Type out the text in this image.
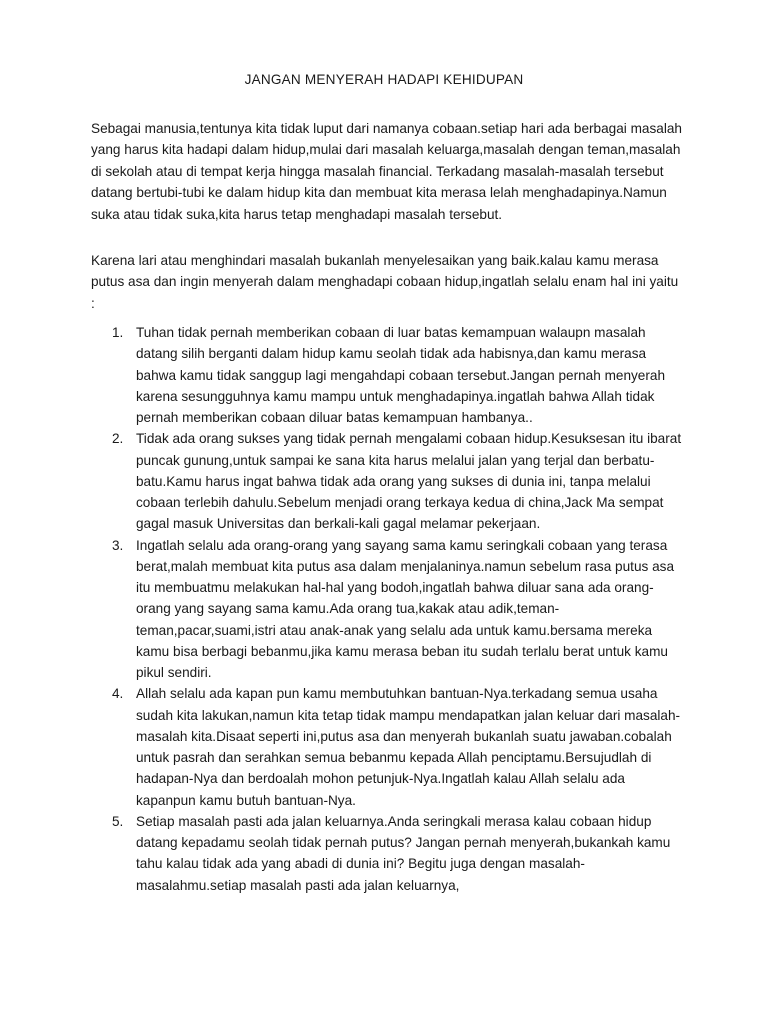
JANGAN MENYERAH HADAPI KEHIDUPAN

Sebagai manusia,tentunya kita tidak luput dari namanya cobaan.setiap hari ada berbagai masalah yang harus kita hadapi dalam hidup,mulai dari masalah keluarga,masalah dengan teman,masalah di sekolah atau di tempat kerja hingga masalah financial. Terkadang masalah-masalah tersebut datang bertubi-tubi ke dalam hidup kita dan membuat kita merasa lelah menghadapinya.Namun suka atau tidak suka,kita harus tetap menghadapi masalah tersebut.

Karena lari atau menghindari masalah bukanlah menyelesaikan yang baik.kalau kamu merasa putus asa dan ingin menyerah dalam menghadapi cobaan hidup,ingatlah selalu enam hal ini yaitu :

1. Tuhan tidak pernah memberikan cobaan di luar batas kemampuan walaupn masalah datang silih berganti dalam hidup kamu seolah tidak ada habisnya,dan kamu merasa bahwa kamu tidak sanggup lagi mengahdapi cobaan tersebut.Jangan pernah menyerah karena sesungguhnya kamu mampu untuk menghadapinya.ingatlah bahwa Allah tidak pernah memberikan cobaan diluar batas kemampuan hambanya..
2. Tidak ada orang sukses yang tidak pernah mengalami cobaan hidup.Kesuksesan itu ibarat puncak gunung,untuk sampai ke sana kita harus melalui jalan yang terjal dan berbatu-batu.Kamu harus ingat bahwa tidak ada orang yang sukses di dunia ini, tanpa melalui cobaan terlebih dahulu.Sebelum menjadi orang terkaya kedua di china,Jack Ma sempat gagal masuk Universitas dan berkali-kali gagal melamar pekerjaan.
3. Ingatlah selalu ada orang-orang yang sayang sama kamu seringkali cobaan yang terasa berat,malah membuat kita putus asa dalam menjalaninya.namun sebelum rasa putus asa itu membuatmu melakukan hal-hal yang bodoh,ingatlah bahwa diluar sana ada orang-orang yang sayang sama kamu.Ada orang tua,kakak atau adik,teman-teman,pacar,suami,istri atau anak-anak yang selalu ada untuk kamu.bersama mereka kamu bisa berbagi bebanmu,jika kamu merasa beban itu sudah terlalu berat untuk kamu pikul sendiri.
4. Allah selalu ada kapan pun kamu membutuhkan bantuan-Nya.terkadang semua usaha sudah kita lakukan,namun kita tetap tidak mampu mendapatkan jalan keluar dari masalah-masalah kita.Disaat seperti ini,putus asa dan menyerah bukanlah suatu jawaban.cobalah untuk pasrah dan serahkan semua bebanmu kepada Allah penciptamu.Bersujudlah di hadapan-Nya dan berdoalah mohon petunjuk-Nya.Ingatlah kalau Allah selalu ada kapanpun kamu butuh bantuan-Nya.
5. Setiap masalah pasti ada jalan keluarnya.Anda seringkali merasa kalau cobaan hidup datang kepadamu seolah tidak pernah putus? Jangan pernah menyerah,bukankah kamu tahu kalau tidak ada yang abadi di dunia ini? Begitu juga dengan masalah-masalahmu.setiap masalah pasti ada jalan keluarnya,
